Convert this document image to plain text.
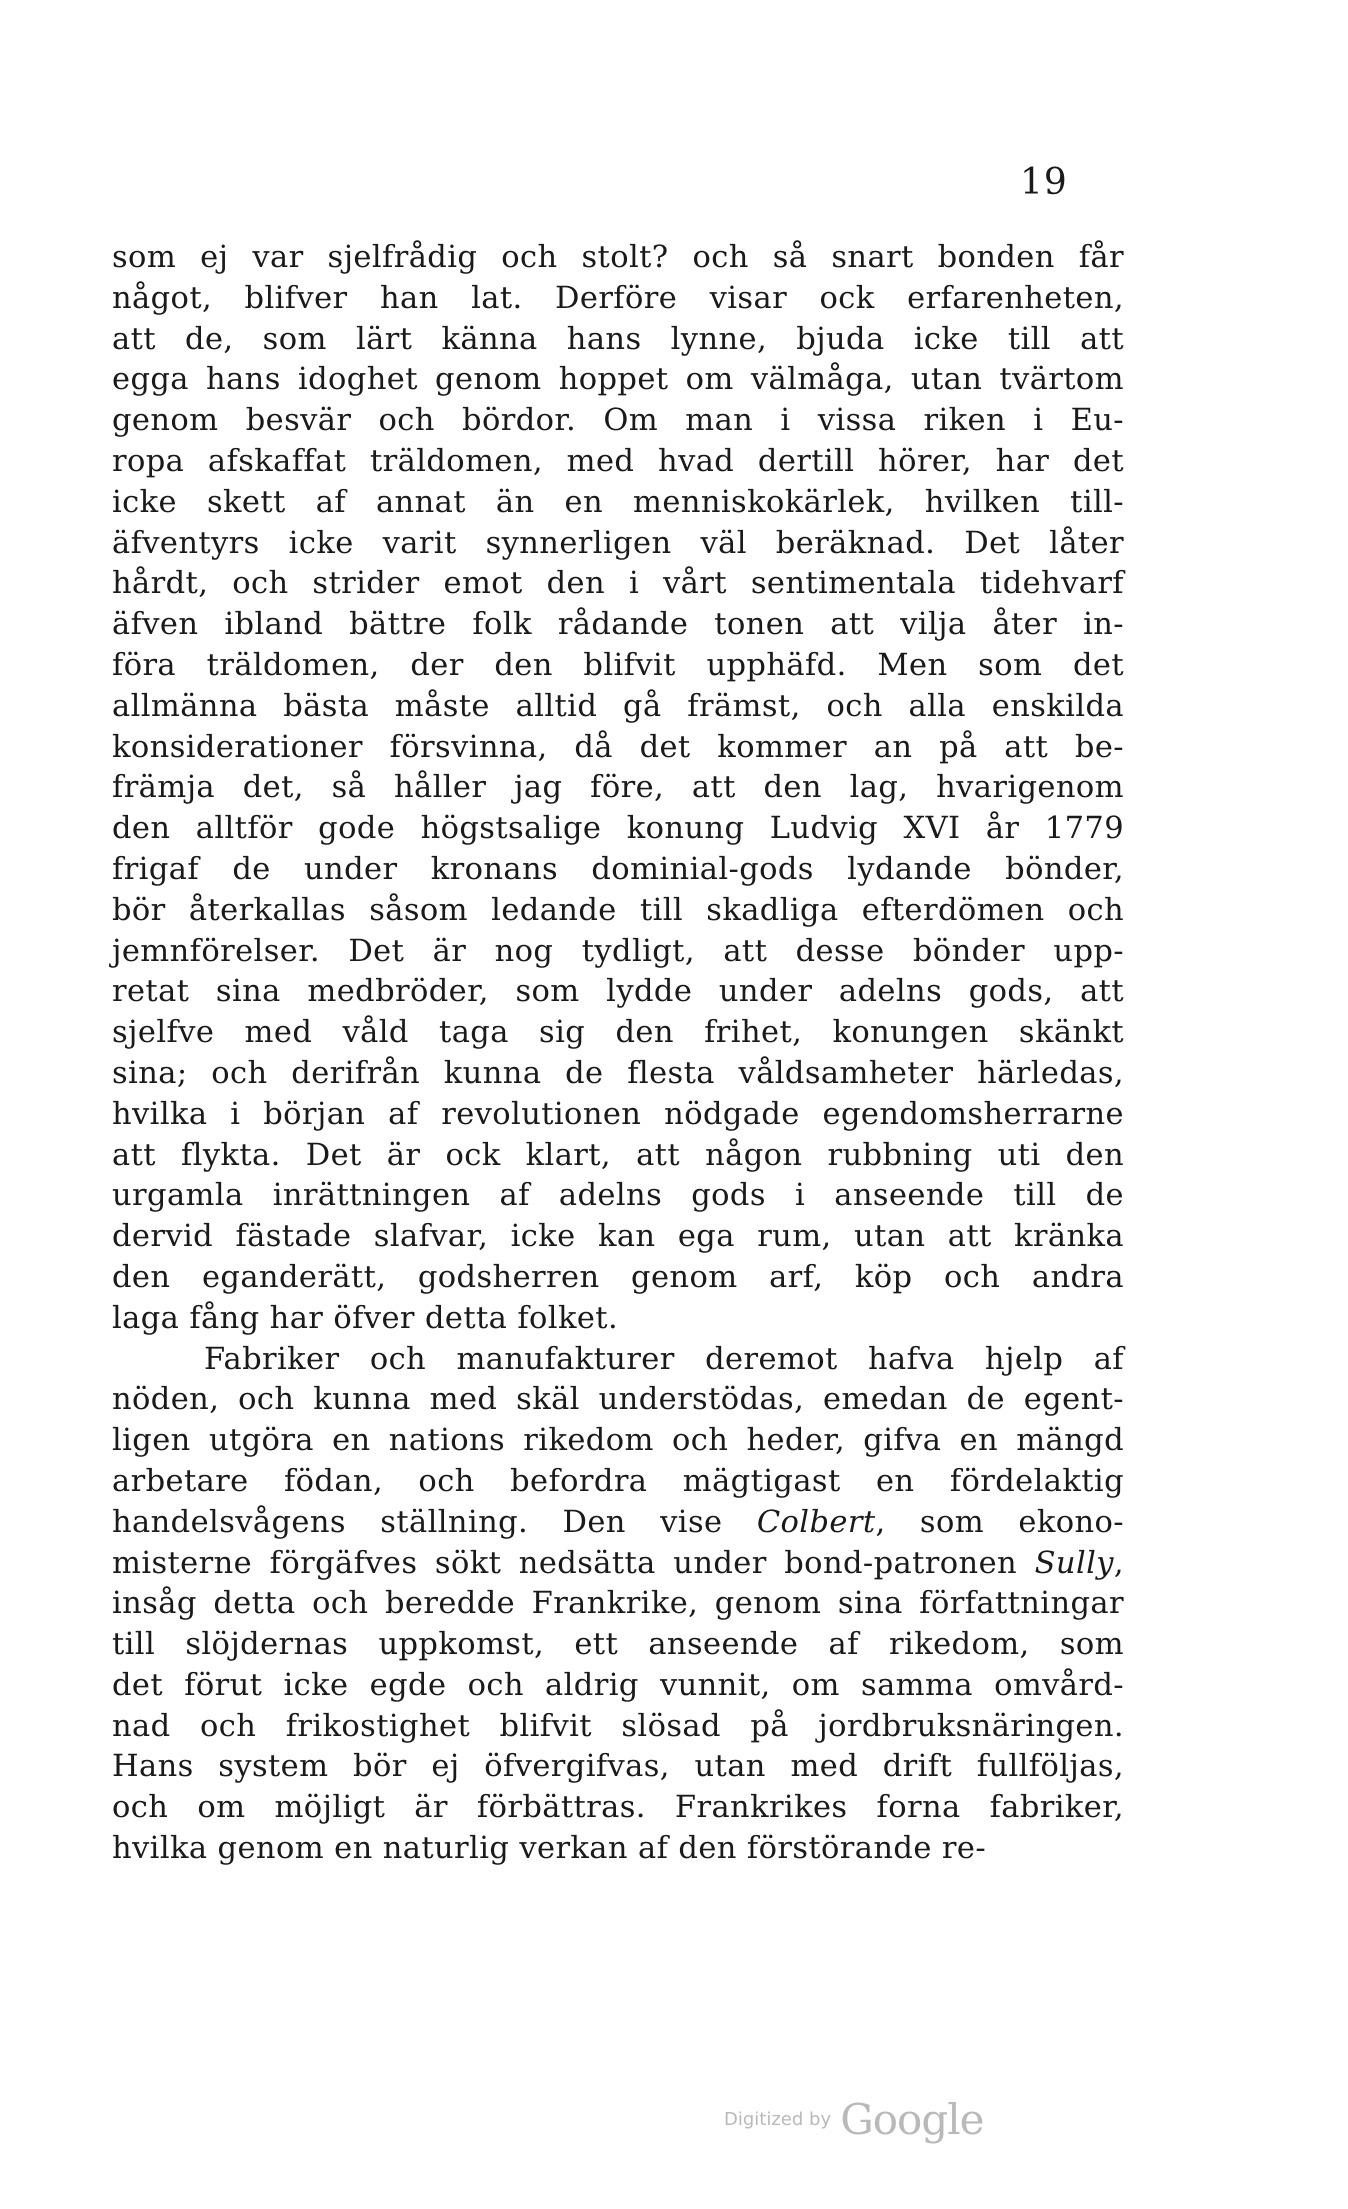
19
som ej var sjelfrådig och stolt? och så snart bonden får
något, blifver han lat. Derföre visar ock erfarenheten,
att de, som lärt känna hans lynne, bjuda icke till att
egga hans idoghet genom hoppet om välmåga, utan tvärtom
genom besvär och bördor. Om man i vissa riken i Eu-
ropa afskaffat träldomen, med hvad dertill hörer, har det
icke skett af annat än en menniskokärlek, hvilken till-
äfventyrs icke varit synnerligen väl beräknad. Det låter
hårdt, och strider emot den i vårt sentimentala tidehvarf
äfven ibland bättre folk rådande tonen att vilja åter in-
föra träldomen, der den blifvit upphäfd. Men som det
allmänna bästa måste alltid gå främst, och alla enskilda
konsiderationer försvinna, då det kommer an på att be-
främja det, så håller jag före, att den lag, hvarigenom
den alltför gode högstsalige konung Ludvig XVI år 1779
frigaf de under kronans dominial-gods lydande bönder,
bör återkallas såsom ledande till skadliga efterdömen och
jemnförelser. Det är nog tydligt, att desse bönder upp-
retat sina medbröder, som lydde under adelns gods, att
sjelfve med våld taga sig den frihet, konungen skänkt
sina; och derifrån kunna de flesta våldsamheter härledas,
hvilka i början af revolutionen nödgade egendomsherrarne
att flykta. Det är ock klart, att någon rubbning uti den
urgamla inrättningen af adelns gods i anseende till de
dervid fästade slafvar, icke kan ega rum, utan att kränka
den eganderätt, godsherren genom arf, köp och andra
laga fång har öfver detta folket.
Fabriker och manufakturer deremot hafva hjelp af
nöden, och kunna med skäl understödas, emedan de egent-
ligen utgöra en nations rikedom och heder, gifva en mängd
arbetare födan, och befordra mägtigast en fördelaktig
handelsvågens ställning. Den vise Colbert, som ekono-
misterne förgäfves sökt nedsätta under bond-patronen Sully,
insåg detta och beredde Frankrike, genom sina författningar
till slöjdernas uppkomst, ett anseende af rikedom, som
det förut icke egde och aldrig vunnit, om samma omvård-
nad och frikostighet blifvit slösad på jordbruksnäringen.
Hans system bör ej öfvergifvas, utan med drift fullföljas,
och om möjligt är förbättras. Frankrikes forna fabriker,
hvilka genom en naturlig verkan af den förstörande re-
Digitized by Google
